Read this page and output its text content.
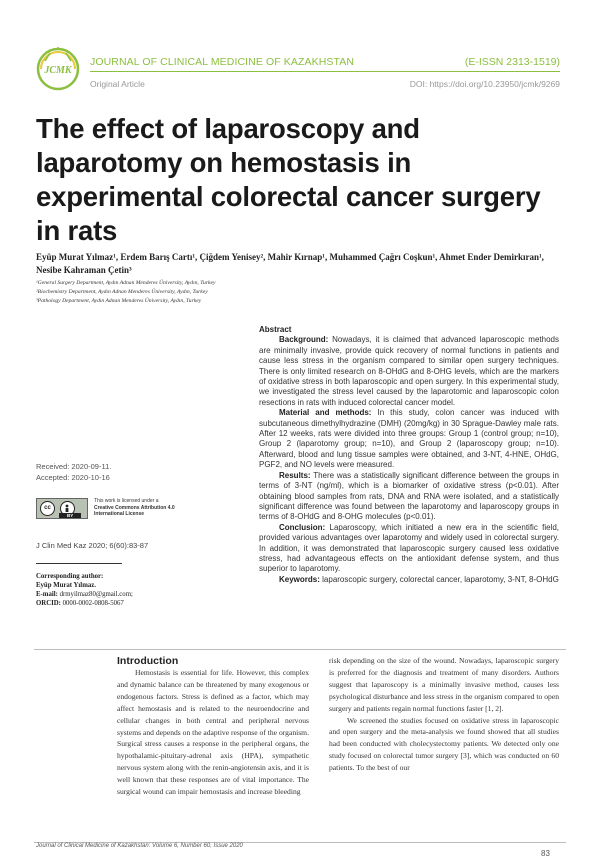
JCMK
JOURNAL OF CLINICAL MEDICINE OF KAZAKHSTAN	(E-ISSN 2313-1519)
Original Article	DOI: https://doi.org/10.23950/jcmk/9269
The effect of laparoscopy and laparotomy on hemostasis in experimental colorectal cancer surgery in rats
Eyüp Murat Yılmaz¹, Erdem Barış Cartı¹, Çiğdem Yenisey², Mahir Kırnap¹, Muhammed Çağrı Coşkun¹, Ahmet Ender Demirkıran¹, Nesibe Kahraman Çetin³
¹General Surgery Department, Aydın Adnan Menderes Üniversity, Aydın, Turkey
²Biochemistry Department, Aydın Adnan Menderes Üniversity, Aydın, Turkey
³Pathology Department, Aydın Adnan Menderes Üniversity, Aydın, Turkey
Received: 2020-09-11.
Accepted: 2020-10-16
cc
BY
This work is licensed under a
Creative Commons Attribution 4.0
International License
J Clin Med Kaz 2020; 6(60):83-87
Corresponding author:
Eyüp Murat Yılmaz.
E-mail: drmyilmaz80@gmail.com;
ORCID: 0000-0002-0808-5067

Abstract

Background: Nowadays, it is claimed that advanced laparoscopic methods are minimally invasive, provide quick recovery of normal functions in patients and cause less stress in the organism compared to similar open surgery techniques. There is only limited research on 8-OHdG and 8-OHG levels, which are the markers of oxidative stress in both laparoscopic and open surgery. In this experimental study, we investigated the stress level caused by the laparotomic and laparoscopic colon resections in rats with induced colorectal cancer model.

Material and methods: In this study, colon cancer was induced with subcutaneous dimethylhydrazine (DMH) (20mg/kg) in 30 Sprague-Dawley male rats. After 12 weeks, rats were divided into three groups: Group 1 (control group; n=10), Group 2 (laparotomy group; n=10), and Group 2 (laparoscopy group; n=10). Afterward, blood and lung tissue samples were obtained, and 3-NT, 4-HNE, OHdG, PGF2, and NO levels were measured.

Results: There was a statistically significant difference between the groups in terms of 3-NT (ng/ml), which is a biomarker of oxidative stress (p<0.01). After obtaining blood samples from rats, DNA and RNA were isolated, and a statistically significant difference was found between the laparotomy and laparoscopy groups in terms of 8-OHdG and 8-OHG molecules (p<0.01).

Conclusion: Laparoscopy, which initiated a new era in the scientific field, provided various advantages over laparotomy and widely used in colorectal surgery. In addition, it was demonstrated that laparoscopic surgery caused less oxidative stress, had advantageous effects on the antioxidant defense system, and thus superior to laparotomy.

Keywords: laparoscopic surgery, colorectal cancer, laparotomy, 3-NT, 8-OHdG

Introduction

Hemostasis is essential for life. However, this complex and dynamic balance can be threatened by many exogenous or endogenous factors. Stress is defined as a factor, which may affect hemostasis and is related to the neuroendocrine and cellular changes in both central and peripheral nervous systems and depends on the adaptive response of the organism. Surgical stress causes a response in the peripheral organs, the hypothalamic-pituitary-adrenal axis (HPA), sympathetic nervous system along with the renin-angiotensin axis, and it is well known that these responses are of vital importance. The surgical wound can impair hemostasis and increase bleeding

risk depending on the size of the wound. Nowadays, laparoscopic surgery is preferred for the diagnosis and treatment of many disorders. Authors suggest that laparoscopy is a minimally invasive method, causes less psychological disturbance and less stress in the organism compared to open surgery and patients regain normal functions faster [1, 2].

We screened the studies focused on oxidative stress in laparoscopic and open surgery and the meta-analysis we found showed that all studies had been conducted with cholecystectomy patients. We detected only one study focused on colorectal tumor surgery [3], which was conducted on 60 patients. To the best of our

Journal of Clinical Medicine of Kazakhstan: Volume 6, Number 60, Issue 2020
83
